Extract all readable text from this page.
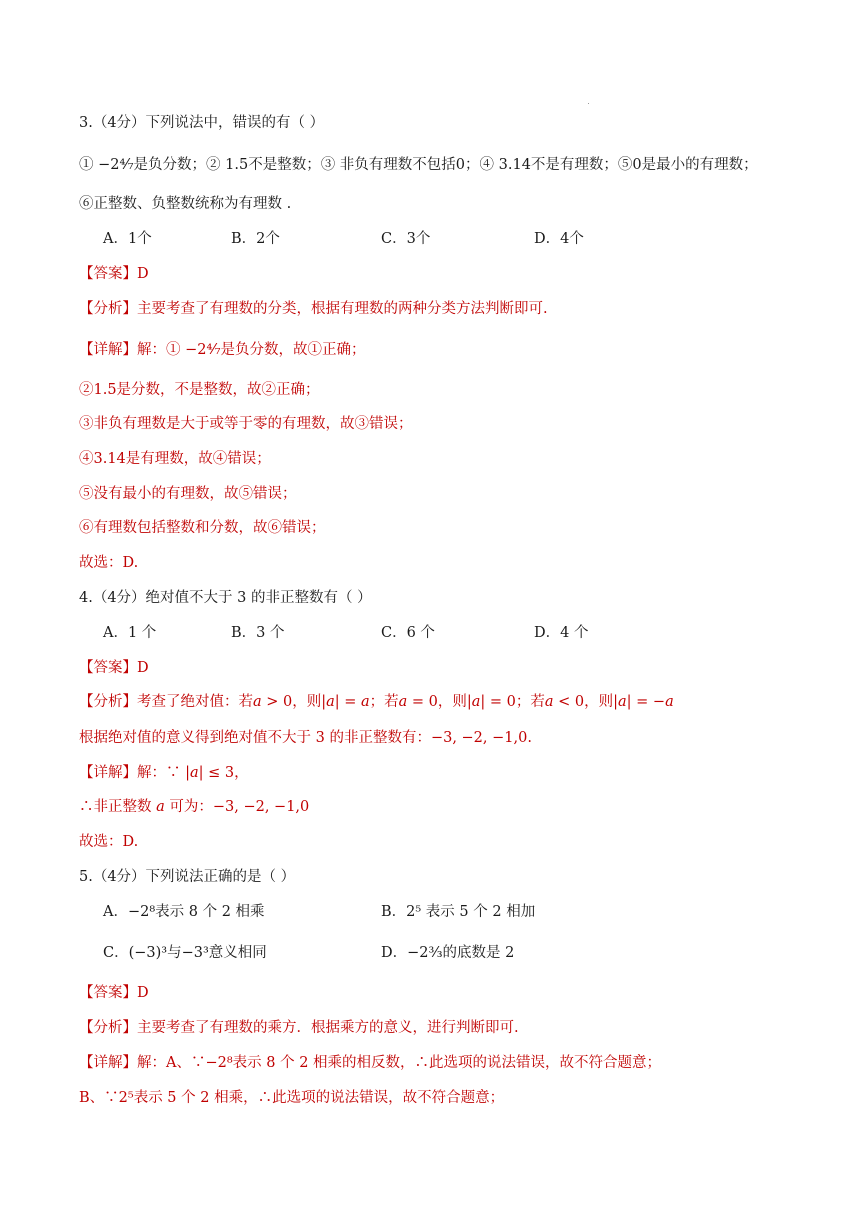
3.（4分）下列说法中，错误的有（ ）
① −2⁴⁄₇是负分数；② 1.5不是整数；③ 非负有理数不包括0；④ 3.14不是有理数；⑤0是最小的有理数；
⑥正整数、负整数统称为有理数 .
A．1个	B．2个	C．3个	D．4个
【答案】D
【分析】主要考查了有理数的分类，根据有理数的两种分类方法判断即可.
【详解】解：① −2⁴⁄₇是负分数，故①正确；
②1.5是分数，不是整数，故②正确；
③非负有理数是大于或等于零的有理数，故③错误；
④3.14是有理数，故④错误；
⑤没有最小的有理数，故⑤错误；
⑥有理数包括整数和分数，故⑥错误；
故选：D.
4.（4分）绝对值不大于 3 的非正整数有（ ）
A．1 个	B．3 个	C．6 个	D．4 个
【答案】D
【分析】考查了绝对值：若𝑎 > 0，则|𝑎| = 𝑎；若𝑎 = 0，则|𝑎| = 0；若𝑎 < 0，则|𝑎| = −𝑎
根据绝对值的意义得到绝对值不大于 3 的非正整数有：−3, −2, −1,0.
【详解】解：∵ |𝑎| ≤ 3，
∴非正整数 𝑎 可为：−3, −2, −1,0
故选：D.
5.（4分）下列说法正确的是（ ）
A．−2⁸表示 8 个 2 相乘	B．2⁵ 表示 5 个 2 相加
C．(−3)³与−3³意义相同	D．−2³⁄₃的底数是 2
【答案】D
【分析】主要考查了有理数的乘方．根据乘方的意义，进行判断即可.
【详解】解：A、∵−2⁸表示 8 个 2 相乘的相反数，∴此选项的说法错误，故不符合题意；
B、∵2⁵表示 5 个 2 相乘，∴此选项的说法错误，故不符合题意；
